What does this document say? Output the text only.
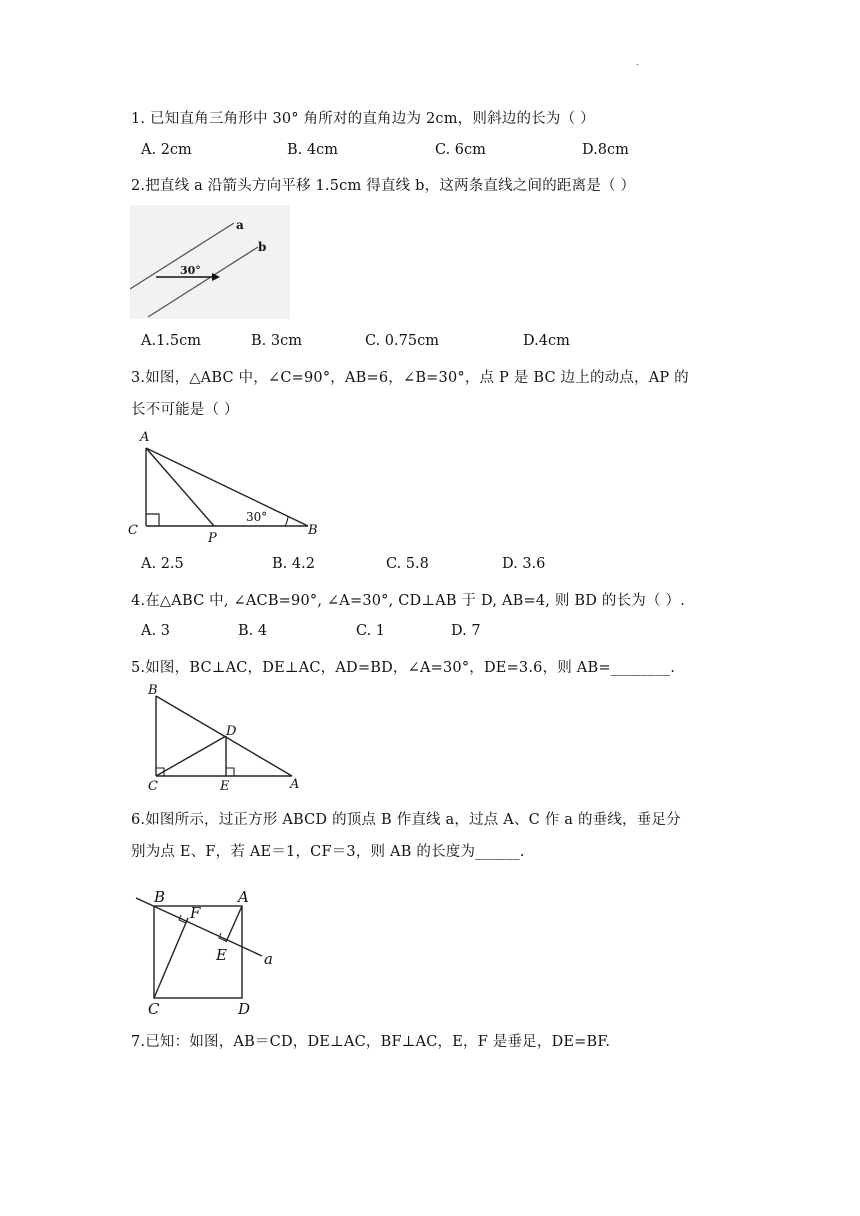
.
1. 已知直角三角形中 30° 角所对的直角边为 2cm，则斜边的长为（ ）
A. 2cm	B. 4cm	C. 6cm	D.8cm
2.把直线 a 沿箭头方向平移 1.5cm 得直线 b，这两条直线之间的距离是（ ）
30°
a
b
A.1.5cm	B. 3cm	C. 0.75cm	D.4cm
3.如图，△ABC 中，∠C=90°，AB=6，∠B=30°，点 P 是 BC 边上的动点，AP 的
长不可能是（ ）
30°
A
C
P
B
A. 2.5	B. 4.2	C. 5.8	D. 3.6
4.在△ABC 中, ∠ACB=90°, ∠A=30°, CD⊥AB 于 D, AB=4, 则 BD 的长为（ ）.
A. 3	B. 4	C. 1	D. 7
5.如图，BC⊥AC，DE⊥AC，AD=BD，∠A=30°，DE=3.6，则 AB=________.
B
D
C	E	A
6.如图所示，过正方形 ABCD 的顶点 B 作直线 a，过点 A、C 作 a 的垂线，垂足分
别为点 E、F，若 AE＝1，CF＝3，则 AB 的长度为______.
B	A
F
E a
C	D
7.已知：如图，AB＝CD，DE⊥AC，BF⊥AC，E，F 是垂足，DE=BF.
